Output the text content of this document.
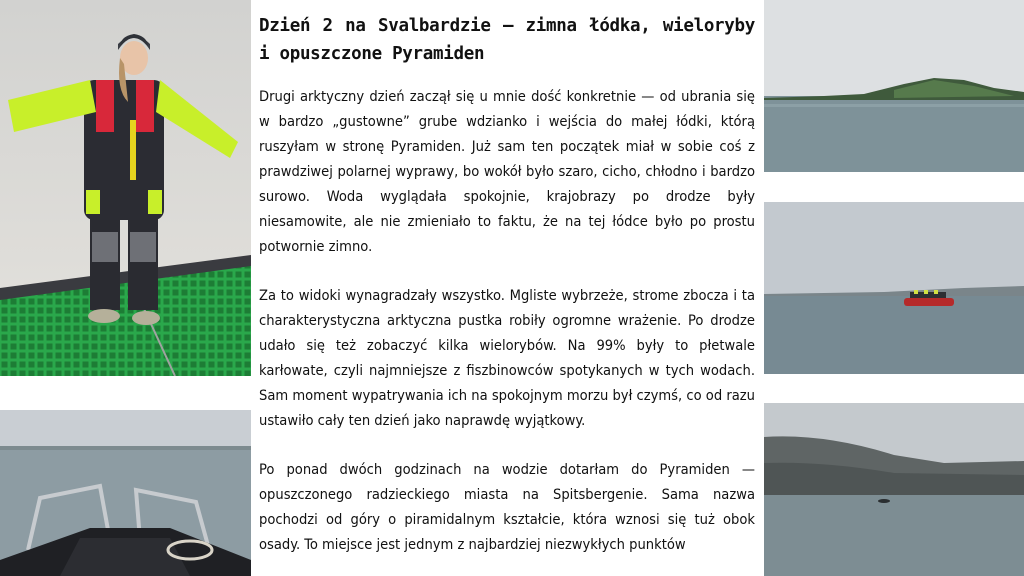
Dzień 2 na Svalbardzie — zimna łódka, wieloryby i opuszczone Pyramiden

Drugi arktyczny dzień zaczął się u mnie dość konkretnie — od ubrania się w bardzo „gustowne” grube wdzianko i wejścia do małej łódki, którą ruszyłam w stronę Pyramiden. Już sam ten początek miał w sobie coś z prawdziwej polarnej wyprawy, bo wokół było szaro, cicho, chłodno i bardzo surowo. Woda wyglądała spokojnie, krajobrazy po drodze były niesamowite, ale nie zmieniało to faktu, że na tej łódce było po prostu potwornie zimno.

Za to widoki wynagradzały wszystko. Mgliste wybrzeże, strome zbocza i ta charakterystyczna arktyczna pustka robiły ogromne wrażenie. Po drodze udało się też zobaczyć kilka wielorybów. Na 99% były to płetwale karłowate, czyli najmniejsze z fiszbinowców spotykanych w tych wodach. Sam moment wypatrywania ich na spokojnym morzu był czymś, co od razu ustawiło cały ten dzień jako naprawdę wyjątkowy.

Po ponad dwóch godzinach na wodzie dotarłam do Pyramiden — opuszczonego radzieckiego miasta na Spitsbergenie. Sama nazwa pochodzi od góry o piramidalnym kształcie, która wznosi się tuż obok osady. To miejsce jest jednym z najbardziej niezwykłych punktów
